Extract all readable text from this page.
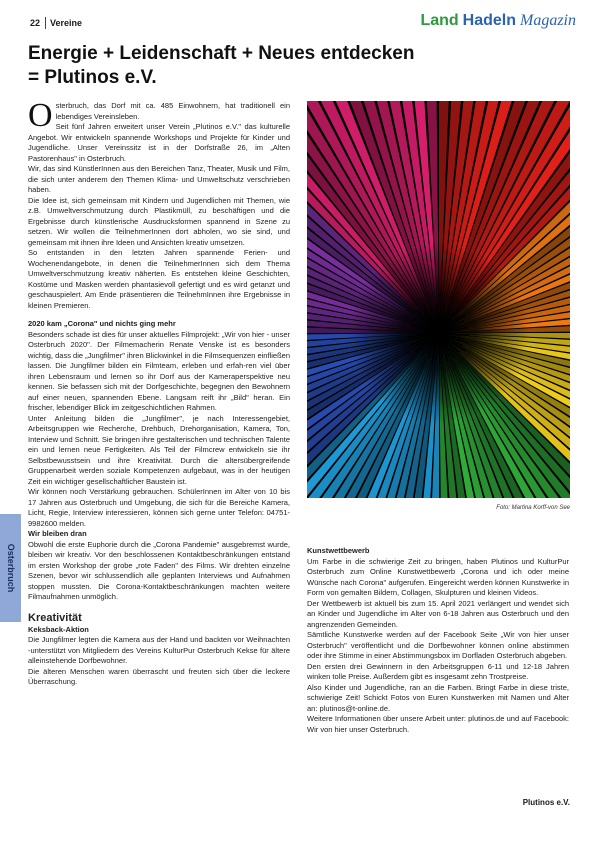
22 Vereine	Land Hadeln Magazin
Energie + Leidenschaft + Neues entdecken
= Plutinos e.V.

Osterbruch, das Dorf mit ca. 485 Einwohnern, hat traditionell ein lebendiges Vereinsleben.

Seit fünf Jahren erweitert unser Verein „Plutinos e.V." das kulturelle Angebot. Wir entwickeln spannende Workshops und Projekte für Kinder und Jugendliche. Unser Vereinssitz ist in der Dorfstraße 26, im „Alten Pastorenhaus" in Osterbruch.

Wir, das sind KünstlerInnen aus den Bereichen Tanz, Theater, Musik und Film, die sich unter anderem den Themen Klima- und Umweltschutz verschrieben haben.

Die Idee ist, sich gemeinsam mit Kindern und Jugendlichen mit Themen, wie z.B. Umweltverschmutzung durch Plastikmüll, zu beschäftigen und die Ergebnisse durch künstlerische Ausdrucksformen spannend in Szene zu setzen. Wir wollen die TeilnehmerInnen dort abholen, wo sie sind, und gemeinsam mit ihnen ihre Ideen und Ansichten kreativ umsetzen.

So entstanden in den letzten Jahren spannende Ferien- und Wochenendangebote, in denen die TeilnehmerInnen sich dem Thema Umweltverschmutzung kreativ näherten. Es entstehen kleine Geschichten, Kostüme und Masken werden phantasievoll gefertigt und es wird getanzt und geschauspielert. Am Ende präsentieren die TeilnehmInnen ihre Ergebnisse in kleinen Premieren.

2020 kam „Corona" und nichts ging mehr

Besonders schade ist dies für unser aktuelles Filmprojekt: „Wir von hier - unser Osterbruch 2020". Der Filmemacherin Renate Venske ist es besonders wichtig, dass die „Jungfilmer" ihren Blickwinkel in die Filmsequenzen einfließen lassen. Die Jungfilmer bilden ein Filmteam, erleben und erfah-ren viel über ihren Lebensraum und lernen so ihr Dorf aus der Kameraperspektive neu kennen. Sie befassen sich mit der Dorfgeschichte, begegnen den Bewohnern auf einer neuen, spannenden Ebene. Langsam reift ihr „Bild" heran. Ein frischer, lebendiger Blick im zeitgeschichtlichen Rahmen.

Unter Anleitung bilden die „Jungfilmer", je nach Interessengebiet, Arbeitsgruppen wie Recherche, Drehbuch, Drehorganisation, Kamera, Ton, Interview und Schnitt. Sie bringen ihre gestalterischen und technischen Talente ein und lernen neue Fertigkeiten. Als Teil der Filmcrew entwickeln sie ihr Selbstbewusstsein und ihre Kreativität. Durch die altersübergreifende Gruppenarbeit werden soziale Kompetenzen aufgebaut, was in der heutigen Zeit ein wichtiger gesellschaftlicher Baustein ist.

Wir können noch Verstärkung gebrauchen. SchülerInnen im Alter von 10 bis 17 Jahren aus Osterbruch und Umgebung, die sich für die Bereiche Kamera, Licht, Regie, Interview interessieren, können sich gerne unter Telefon: 04751-9982600 melden.

Wir bleiben dran

Obwohl die erste Euphorie durch die „Corona Pandemie" ausgebremst wurde, bleiben wir kreativ. Vor den beschlossenen Kontaktbeschränkungen entstand im ersten Workshop der grobe „rote Faden" des Films. Wir drehten einzelne Szenen, bevor wir schlussendlich alle geplanten Interviews und Aufnahmen stoppen mussten. Die Corona-Kontaktbeschränkungen machten weitere Filmaufnahmen unmöglich.

Kreativität

Keksback-Aktion

Die Jungfilmer legten die Kamera aus der Hand und backten vor Weihnachten -unterstützt von Mitgliedern des Vereins KulturPur Osterbruch Kekse für ältere alleinstehende Dorfbewohner.

Die älteren Menschen waren überrascht und freuten sich über die leckere Überraschung.

Foto: Martina Korff-von See

Kunstwettbewerb

Um Farbe in die schwierige Zeit zu bringen, haben Plutinos und KulturPur Osterbruch zum Online Kunstwettbewerb „Corona und ich oder meine Wünsche nach Corona" aufgerufen. Eingereicht werden können Kunstwerke in Form von gemalten Bildern, Collagen, Skulpturen und kleinen Videos.

Der Wettbewerb ist aktuell bis zum 15. April 2021 verlängert und wendet sich an Kinder und Jugendliche im Alter von 6-18 Jahren aus Osterbruch und den angrenzenden Gemeinden.

Sämtliche Kunstwerke werden auf der Facebook Seite „Wir von hier unser Osterbruch" veröffentlicht und die Dorfbewohner können online abstimmen oder ihre Stimme in einer Abstimmungsbox im Dorfladen Osterbruch abgeben.

Den ersten drei Gewinnern in den Arbeitsgruppen 6-11 und 12-18 Jahren winken tolle Preise. Außerdem gibt es insgesamt zehn Trostpreise.

Also Kinder und Jugendliche, ran an die Farben. Bringt Farbe in diese triste, schwierige Zeit! Schickt Fotos von Euren Kunstwerken mit Namen und Alter an: plutinos@t-online.de.

Weitere Informationen über unsere Arbeit unter: plutinos.de und auf Facebook: Wir von hier unser Osterbruch.

Plutinos e.V.
Osterbruch
